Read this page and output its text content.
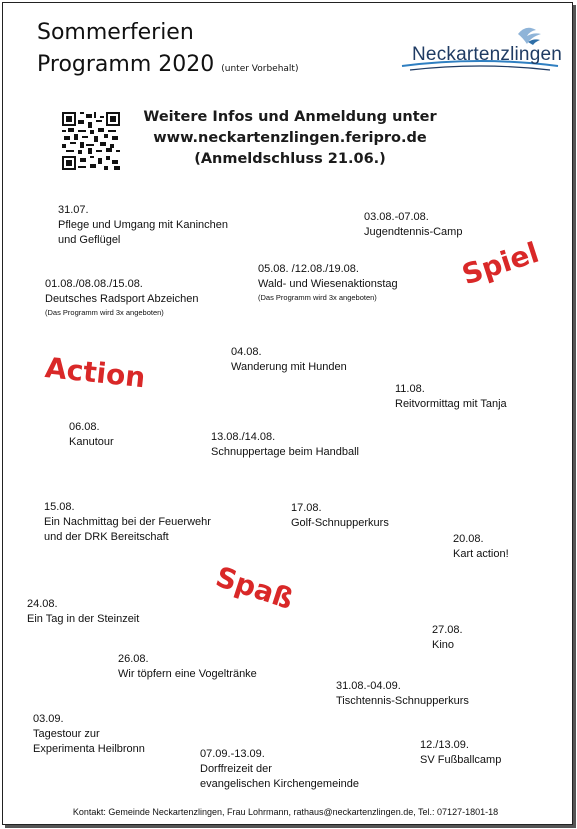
Sommerferien
Programm 2020 (unter Vorbehalt)
Neckartenzlingen
Weitere Infos und Anmeldung unter
www.neckartenzlingen.feripro.de
(Anmeldschluss 21.06.)
Spiel
Action
Spaß
31.07.
Pflege und Umgang mit Kaninchen
und Geflügel
03.08.-07.08.
Jugendtennis-Camp
01.08./08.08./15.08.
Deutsches Radsport Abzeichen
(Das Programm wird 3x angeboten)
05.08. /12.08./19.08.
Wald- und Wiesenaktionstag
(Das Programm wird 3x angeboten)
04.08.
Wanderung mit Hunden
11.08.
Reitvormittag mit Tanja
06.08.
Kanutour	13.08./14.08.
Schnuppertage beim Handball
15.08.
Ein Nachmittag bei der Feuerwehr
und der DRK Bereitschaft
17.08.
Golf-Schnupperkurs
20.08.
Kart action!
24.08.
Ein Tag in der Steinzeit
27.08.
Kino
26.08.
Wir töpfern eine Vogeltränke
31.08.-04.09.
Tischtennis-Schnupperkurs
03.09.
Tagestour zur
Experimenta Heilbronn	07.09.-13.09.
Dorffreizeit der
evangelischen Kirchengemeinde
12./13.09.
SV Fußballcamp
Kontakt: Gemeinde Neckartenzlingen, Frau Lohrmann, rathaus@neckartenzlingen.de, Tel.: 07127-1801-18
